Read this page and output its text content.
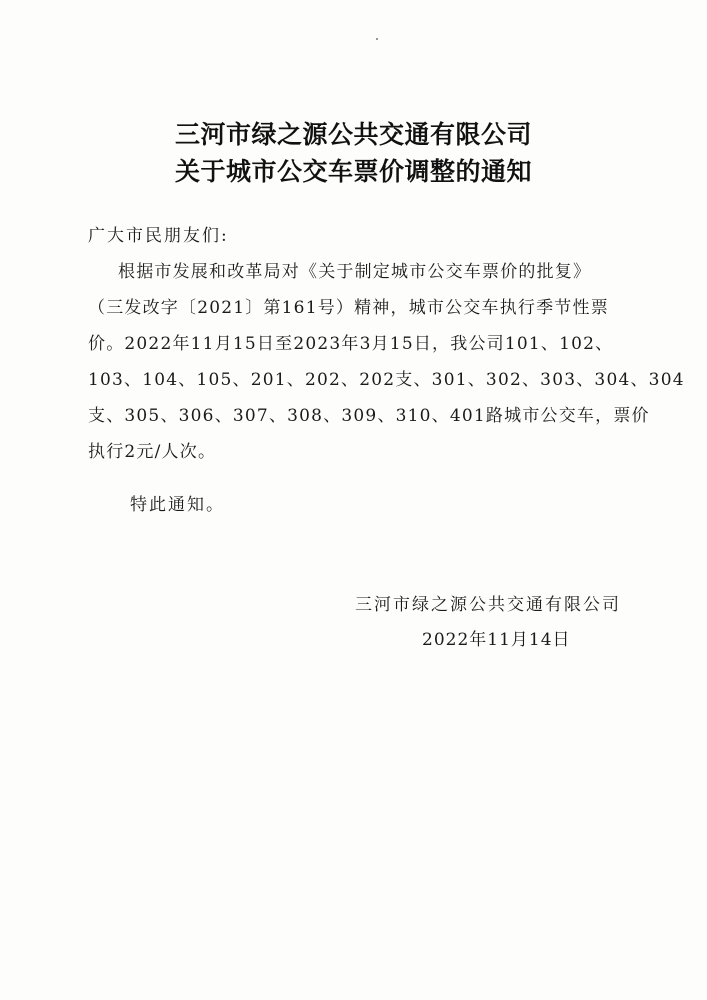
三河市绿之源公共交通有限公司
关于城市公交车票价调整的通知
广大市民朋友们:
根据市发展和改革局对《关于制定城市公交车票价的批复》
（三发改字〔2021〕第161号）精神，城市公交车执行季节性票
价。2022年11月15日至2023年3月15日，我公司101、102、
103、104、105、201、202、202支、301、302、303、304、304
支、305、306、307、308、309、310、401路城市公交车，票价
执行2元/人次。
特此通知。
三河市绿之源公共交通有限公司
2022年11月14日
